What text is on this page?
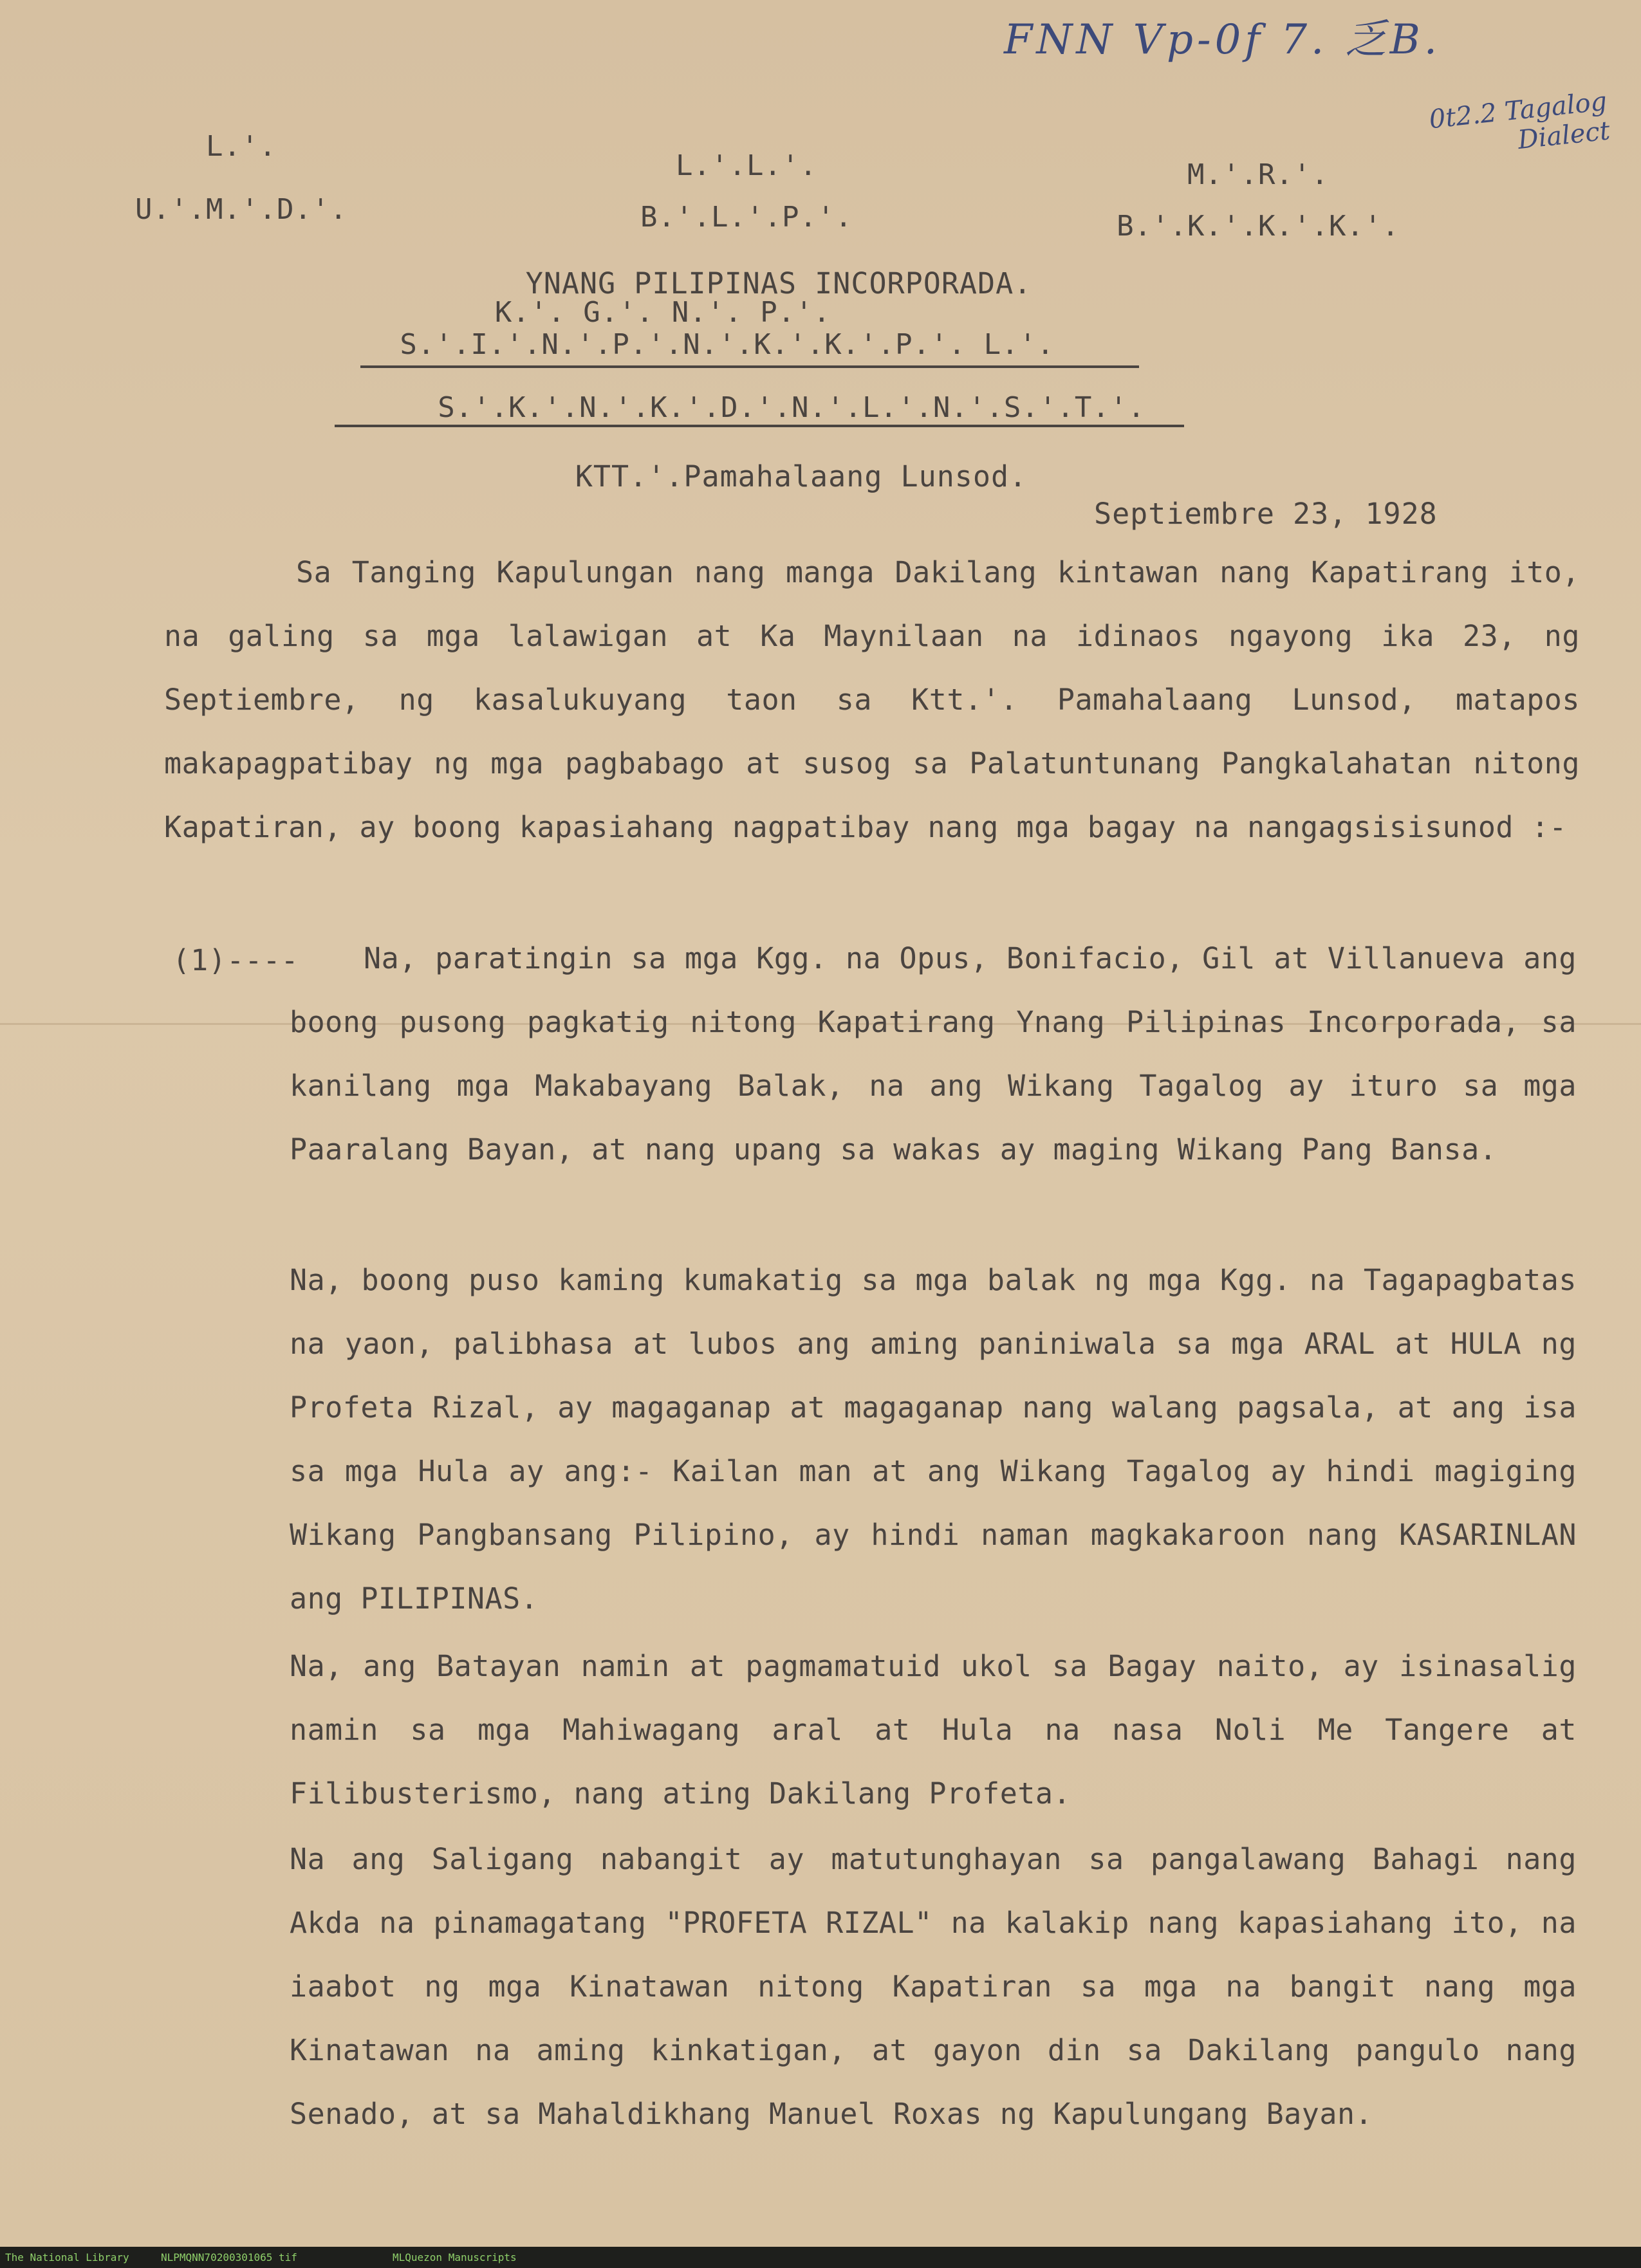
FNN Vp-0f 7. 乏B.
0t2.2 Tagalog Dialect
L.'.
U.'.M.'.D.'.
L.'.L.'.
B.'.L.'.P.'.
M.'.R.'.
B.'.K.'.K.'.K.'.
YNANG PILIPINAS INCORPORADA.
K.'. G.'. N.'. P.'.
S.'.I.'.N.'.P.'.N.'.K.'.K.'.P.'. L.'.
S.'.K.'.N.'.K.'.D.'.N.'.L.'.N.'.S.'.T.'.
KTT.'.Pamahalaang Lunsod.
Septiembre 23, 1928
Sa Tanging Kapulungan nang manga Dakilang kintawan nang Kapatirang ito, na galing sa mga lalawigan at Ka Maynilaan na idinaos ngayong ika 23, ng Septiembre, ng kasalukuyang taon sa Ktt.'. Pamahalaang Lunsod, matapos makapagpatibay ng mga pagbabago at susog sa Palatuntunang Pangkalahatan nitong Kapatiran, ay boong kapasiahang nagpatibay nang mga bagay na nangagsisisunod :-
(1)----	Na, paratingin sa mga Kgg. na Opus, Bonifacio, Gil at Villanueva ang boong pusong pagkatig nitong Kapatirang Ynang Pilipinas Incorporada, sa kanilang mga Makabayang Balak, na ang Wikang Tagalog ay ituro sa mga Paaralang Bayan, at nang upang sa wakas ay maging Wikang Pang Bansa.
Na, boong puso kaming kumakatig sa mga balak ng mga Kgg. na Tagapagbatas na yaon, palibhasa at lubos ang aming paniniwala sa mga ARAL at HULA ng Profeta Rizal, ay magaganap at magaganap nang walang pagsala, at ang isa sa mga Hula ay ang:- Kailan man at ang Wikang Tagalog ay hindi magiging Wikang Pangbansang Pilipino, ay hindi naman magkakaroon nang KASARINLAN ang PILIPINAS.
Na, ang Batayan namin at pagmamatuid ukol sa Bagay naito, ay isinasalig namin sa mga Mahiwagang aral at Hula na nasa Noli Me Tangere at Filibusterismo, nang ating Dakilang Profeta.
Na ang Saligang nabangit ay matutunghayan sa pangalawang Bahagi nang Akda na pinamagatang "PROFETA RIZAL" na kalakip nang kapasiahang ito, na iaabot ng mga Kinatawan nitong Kapatiran sa mga na bangit nang mga Kinatawan na aming kinkatigan, at gayon din sa Dakilang pangulo nang Senado, at sa Mahaldikhang Manuel Roxas ng Kapulungang Bayan.
The National Library	NLPMQNN70200301065 tif	MLQuezon Manuscripts
